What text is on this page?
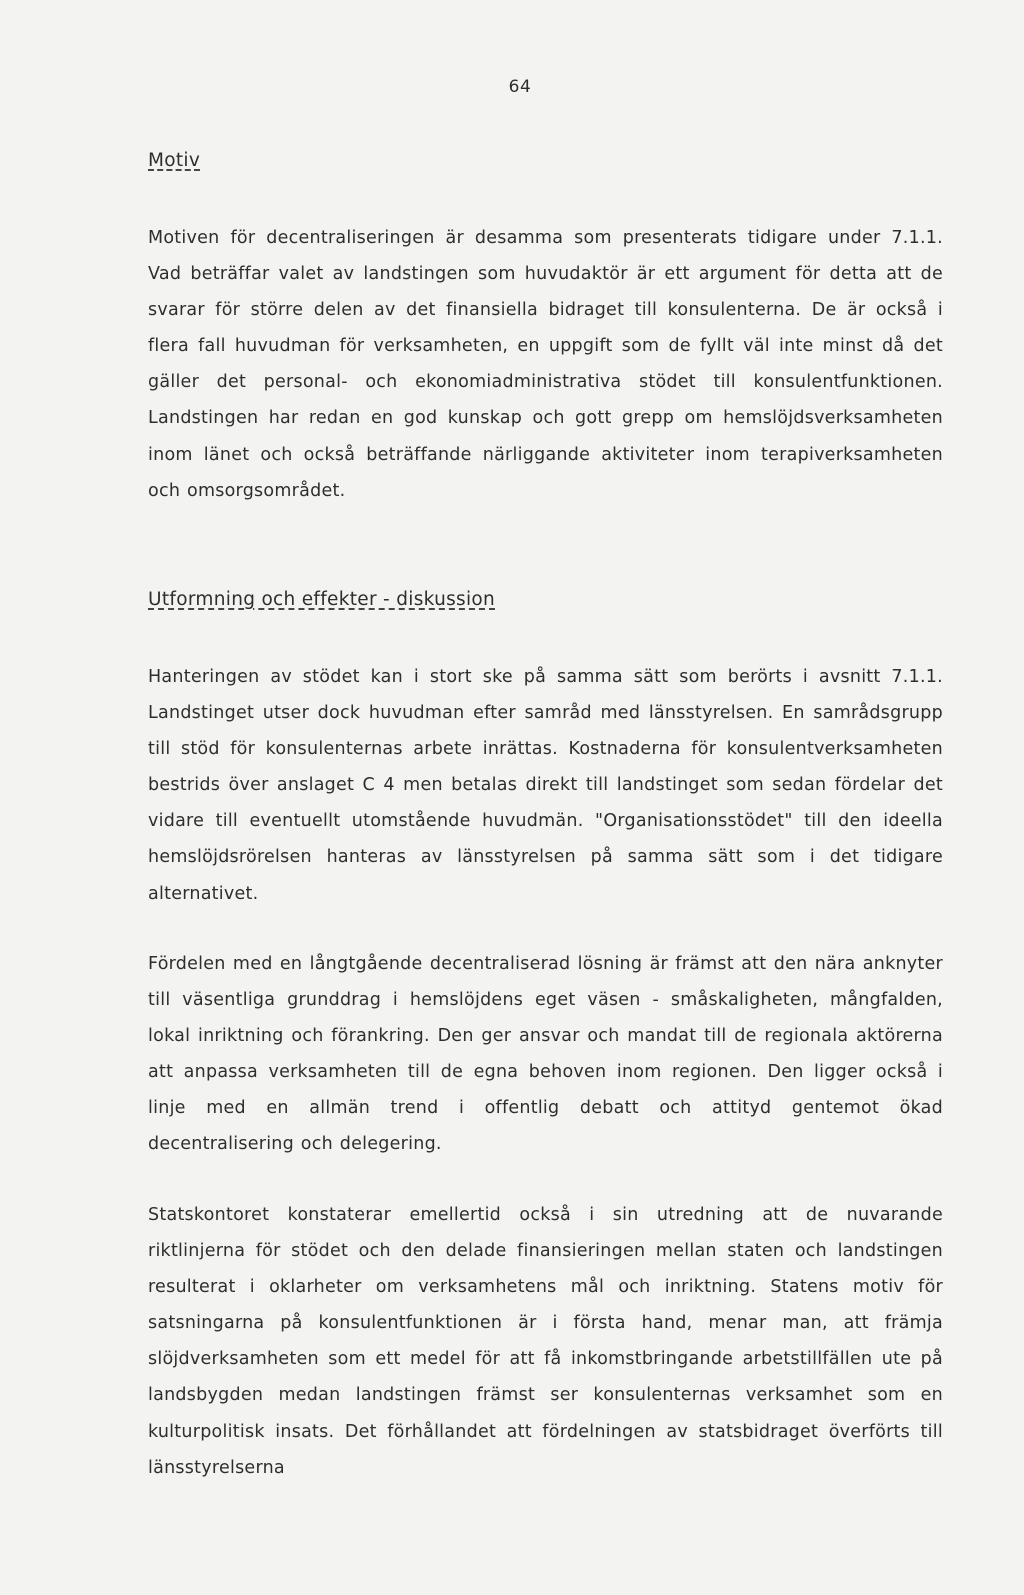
64
Motiv

Motiven för decentraliseringen är desamma som presenterats tidigare under 7.1.1. Vad beträffar valet av landstingen som huvudaktör är ett argument för detta att de svarar för större delen av det finansiella bidraget till konsulenterna. De är också i flera fall huvudman för verksamheten, en uppgift som de fyllt väl inte minst då det gäller det personal- och ekonomiadministrativa stödet till konsulentfunktionen. Landstingen har redan en god kunskap och gott grepp om hemslöjdsverksamheten inom länet och också beträffande närliggande aktiviteter inom terapiverksamheten och omsorgsområdet.

Utformning och effekter - diskussion

Hanteringen av stödet kan i stort ske på samma sätt som berörts i avsnitt 7.1.1. Landstinget utser dock huvudman efter samråd med länsstyrelsen. En samrådsgrupp till stöd för konsulenternas arbete inrättas. Kostnaderna för konsulentverksamheten bestrids över anslaget C 4 men betalas direkt till landstinget som sedan fördelar det vidare till eventuellt utomstående huvudmän. "Organisationsstödet" till den ideella hemslöjdsrörelsen hanteras av länsstyrelsen på samma sätt som i det tidigare alternativet.

Fördelen med en långtgående decentraliserad lösning är främst att den nära anknyter till väsentliga grunddrag i hemslöjdens eget väsen - småskaligheten, mångfalden, lokal inriktning och förankring. Den ger ansvar och mandat till de regionala aktörerna att anpassa verksamheten till de egna behoven inom regionen. Den ligger också i linje med en allmän trend i offentlig debatt och attityd gentemot ökad decentralisering och delegering.

Statskontoret konstaterar emellertid också i sin utredning att de nuvarande riktlinjerna för stödet och den delade finansieringen mellan staten och landstingen resulterat i oklarheter om verksamhetens mål och inriktning. Statens motiv för satsningarna på konsulentfunktionen är i första hand, menar man, att främja slöjdverksamheten som ett medel för att få inkomstbringande arbetstillfällen ute på landsbygden medan landstingen främst ser konsulenternas verksamhet som en kulturpolitisk insats. Det förhållandet att fördelningen av statsbidraget överförts till länsstyrelserna
